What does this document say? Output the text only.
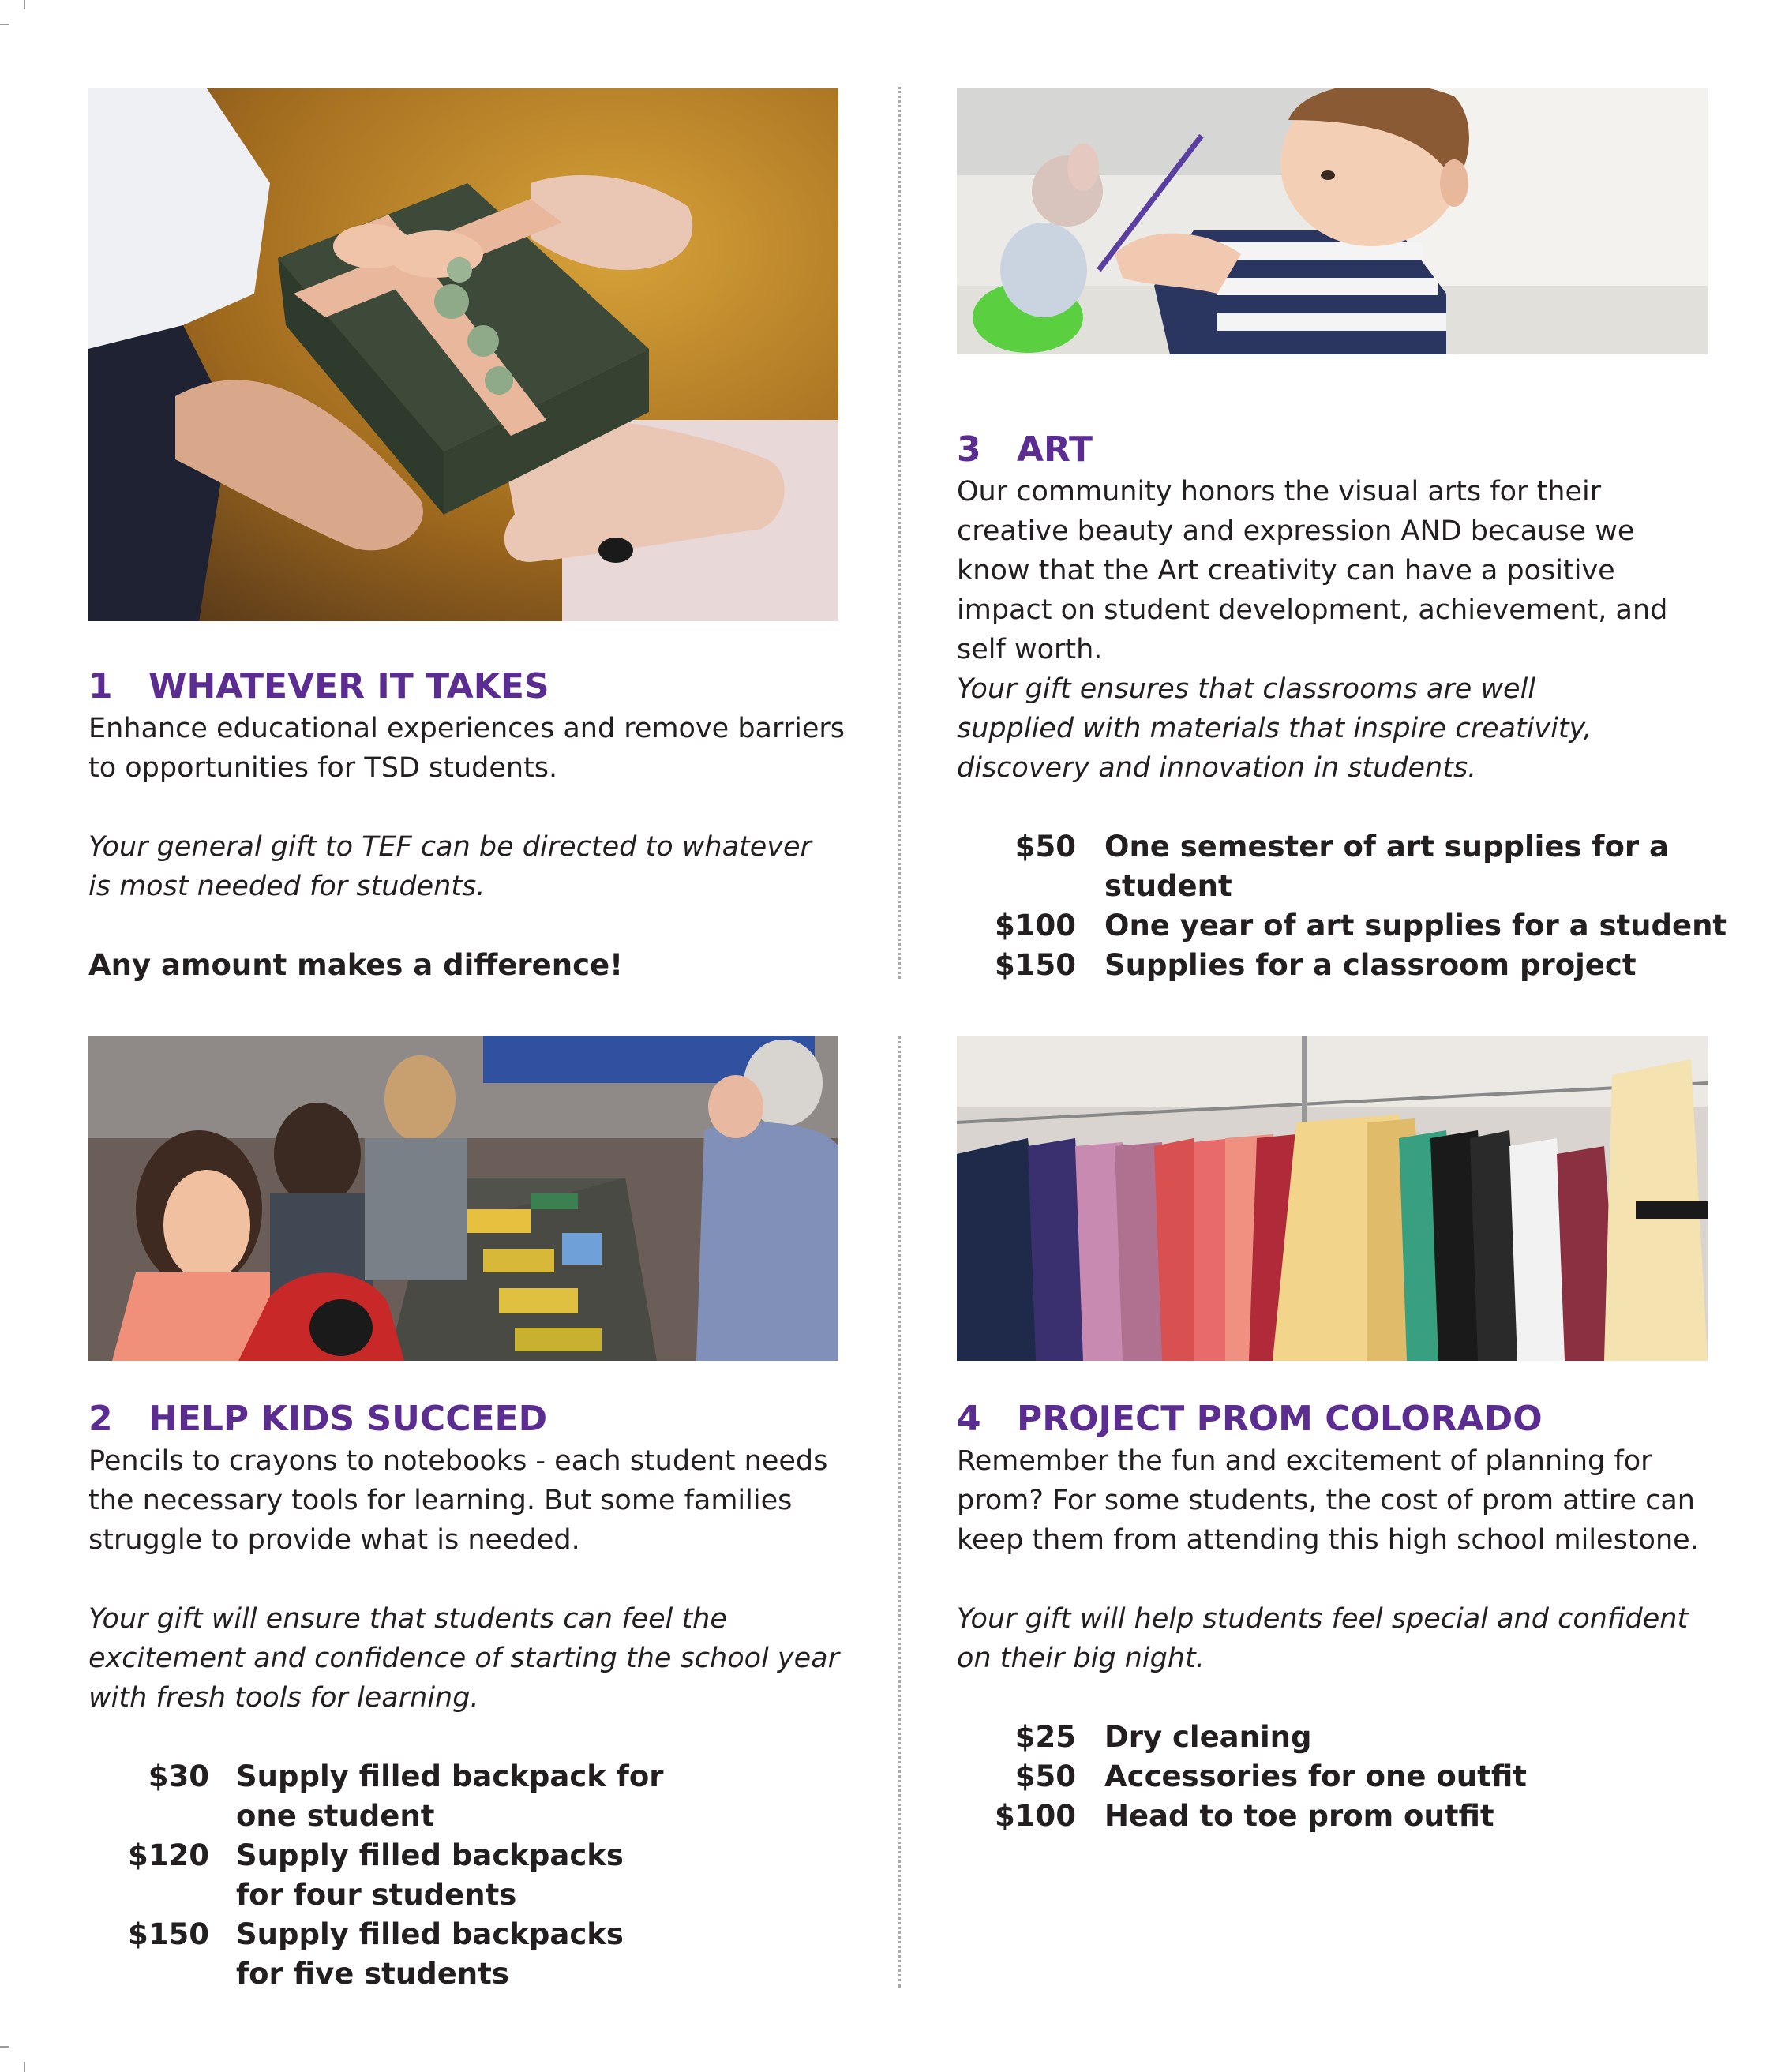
1 WHATEVER IT TAKES

Enhance educational experiences and remove barriers to opportunities for TSD students.

Your general gift to TEF can be directed to whatever is most needed for students.

Any amount makes a difference!

3 ART

Our community honors the visual arts for their creative beauty and expression AND because we know that the Art creativity can have a positive impact on student development, achievement, and self worth.

Your gift ensures that classrooms are well supplied with materials that inspire creativity, discovery and innovation in students.

$50 One semester of art supplies for a student
$100 One year of art supplies for a student
$150 Supplies for a classroom project
2 HELP KIDS SUCCEED

Pencils to crayons to notebooks - each student needs the necessary tools for learning. But some families struggle to provide what is needed.

Your gift will ensure that students can feel the excitement and confidence of starting the school year with fresh tools for learning.

$30 Supply filled backpack for one student
$120 Supply filled backpacks for four students
$150 Supply filled backpacks for five students
4 PROJECT PROM COLORADO

Remember the fun and excitement of planning for prom? For some students, the cost of prom attire can keep them from attending this high school milestone.

Your gift will help students feel special and confident on their big night.

$25 Dry cleaning
$50 Accessories for one outfit
$100 Head to toe prom outfit
